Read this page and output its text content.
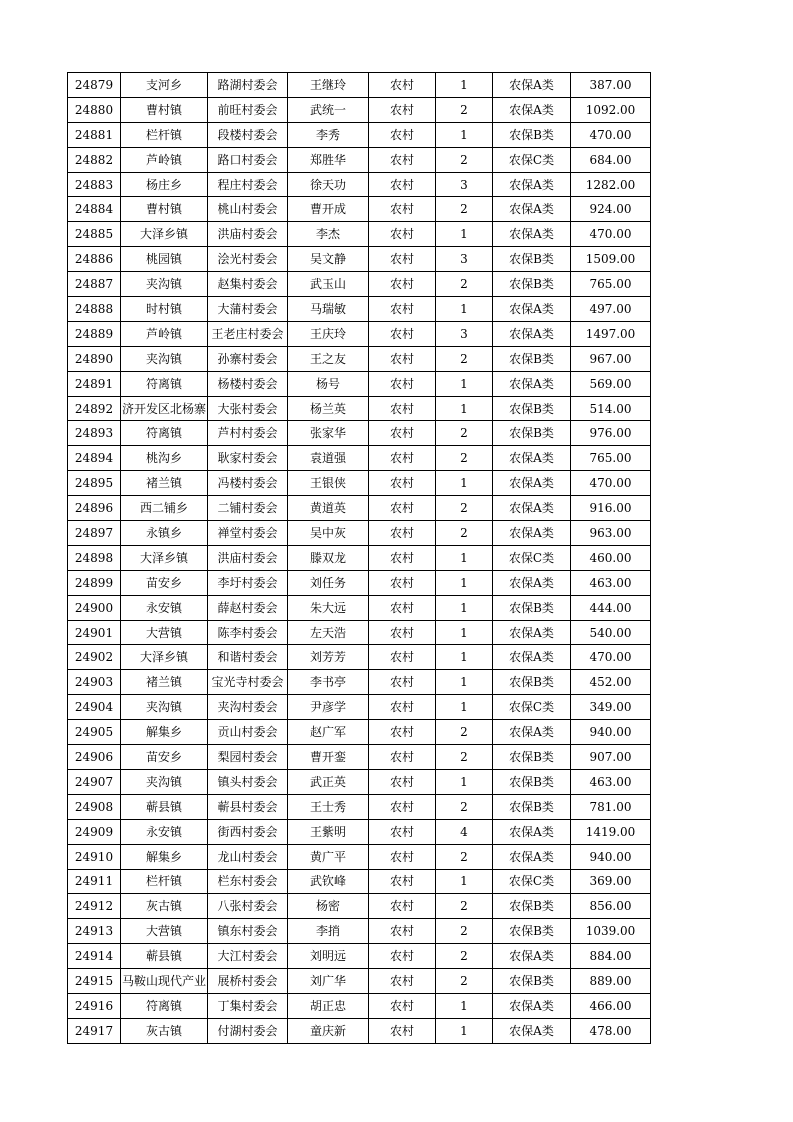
24879	支河乡	路湖村委会	王继玲	农村	1	农保A类	387.00
24880	曹村镇	前旺村委会	武统一	农村	2	农保A类	1092.00
24881	栏杆镇	段楼村委会	李秀	农村	1	农保B类	470.00
24882	芦岭镇	路口村委会	郑胜华	农村	2	农保C类	684.00
24883	杨庄乡	程庄村委会	徐天功	农村	3	农保A类	1282.00
24884	曹村镇	桃山村委会	曹开成	农村	2	农保A类	924.00
24885	大泽乡镇	洪庙村委会	李杰	农村	1	农保A类	470.00
24886	桃园镇	浍光村委会	吴文静	农村	3	农保B类	1509.00
24887	夹沟镇	赵集村委会	武玉山	农村	2	农保B类	765.00
24888	时村镇	大蒲村委会	马瑞敏	农村	1	农保A类	497.00
24889	芦岭镇	王老庄村委会	王庆玲	农村	3	农保A类	1497.00
24890	夹沟镇	孙寨村委会	王之友	农村	2	农保B类	967.00
24891	符离镇	杨楼村委会	杨号	农村	1	农保A类	569.00
24892	济开发区北杨寨	大张村委会	杨兰英	农村	1	农保B类	514.00
24893	符离镇	芦村村委会	张家华	农村	2	农保B类	976.00
24894	桃沟乡	耿家村委会	袁道强	农村	2	农保A类	765.00
24895	褚兰镇	冯楼村委会	王银侠	农村	1	农保A类	470.00
24896	西二铺乡	二铺村委会	黄道英	农村	2	农保A类	916.00
24897	永镇乡	禅堂村委会	吴中灰	农村	2	农保A类	963.00
24898	大泽乡镇	洪庙村委会	滕双龙	农村	1	农保C类	460.00
24899	苗安乡	李圩村委会	刘任务	农村	1	农保A类	463.00
24900	永安镇	薛赵村委会	朱大远	农村	1	农保B类	444.00
24901	大营镇	陈李村委会	左天浩	农村	1	农保A类	540.00
24902	大泽乡镇	和谐村委会	刘芳芳	农村	1	农保A类	470.00
24903	褚兰镇	宝光寺村委会	李书亭	农村	1	农保B类	452.00
24904	夹沟镇	夹沟村委会	尹彦学	农村	1	农保C类	349.00
24905	解集乡	贡山村委会	赵广军	农村	2	农保A类	940.00
24906	苗安乡	梨园村委会	曹开銮	农村	2	农保B类	907.00
24907	夹沟镇	镇头村委会	武正英	农村	1	农保B类	463.00
24908	蕲县镇	蕲县村委会	王士秀	农村	2	农保B类	781.00
24909	永安镇	街西村委会	王紫明	农村	4	农保A类	1419.00
24910	解集乡	龙山村委会	黄广平	农村	2	农保A类	940.00
24911	栏杆镇	栏东村委会	武钦峰	农村	1	农保C类	369.00
24912	灰古镇	八张村委会	杨密	农村	2	农保B类	856.00
24913	大营镇	镇东村委会	李捎	农村	2	农保B类	1039.00
24914	蕲县镇	大江村委会	刘明远	农村	2	农保A类	884.00
24915	马鞍山现代产业	展桥村委会	刘广华	农村	2	农保B类	889.00
24916	符离镇	丁集村委会	胡正忠	农村	1	农保A类	466.00
24917	灰古镇	付湖村委会	童庆新	农村	1	农保A类	478.00
